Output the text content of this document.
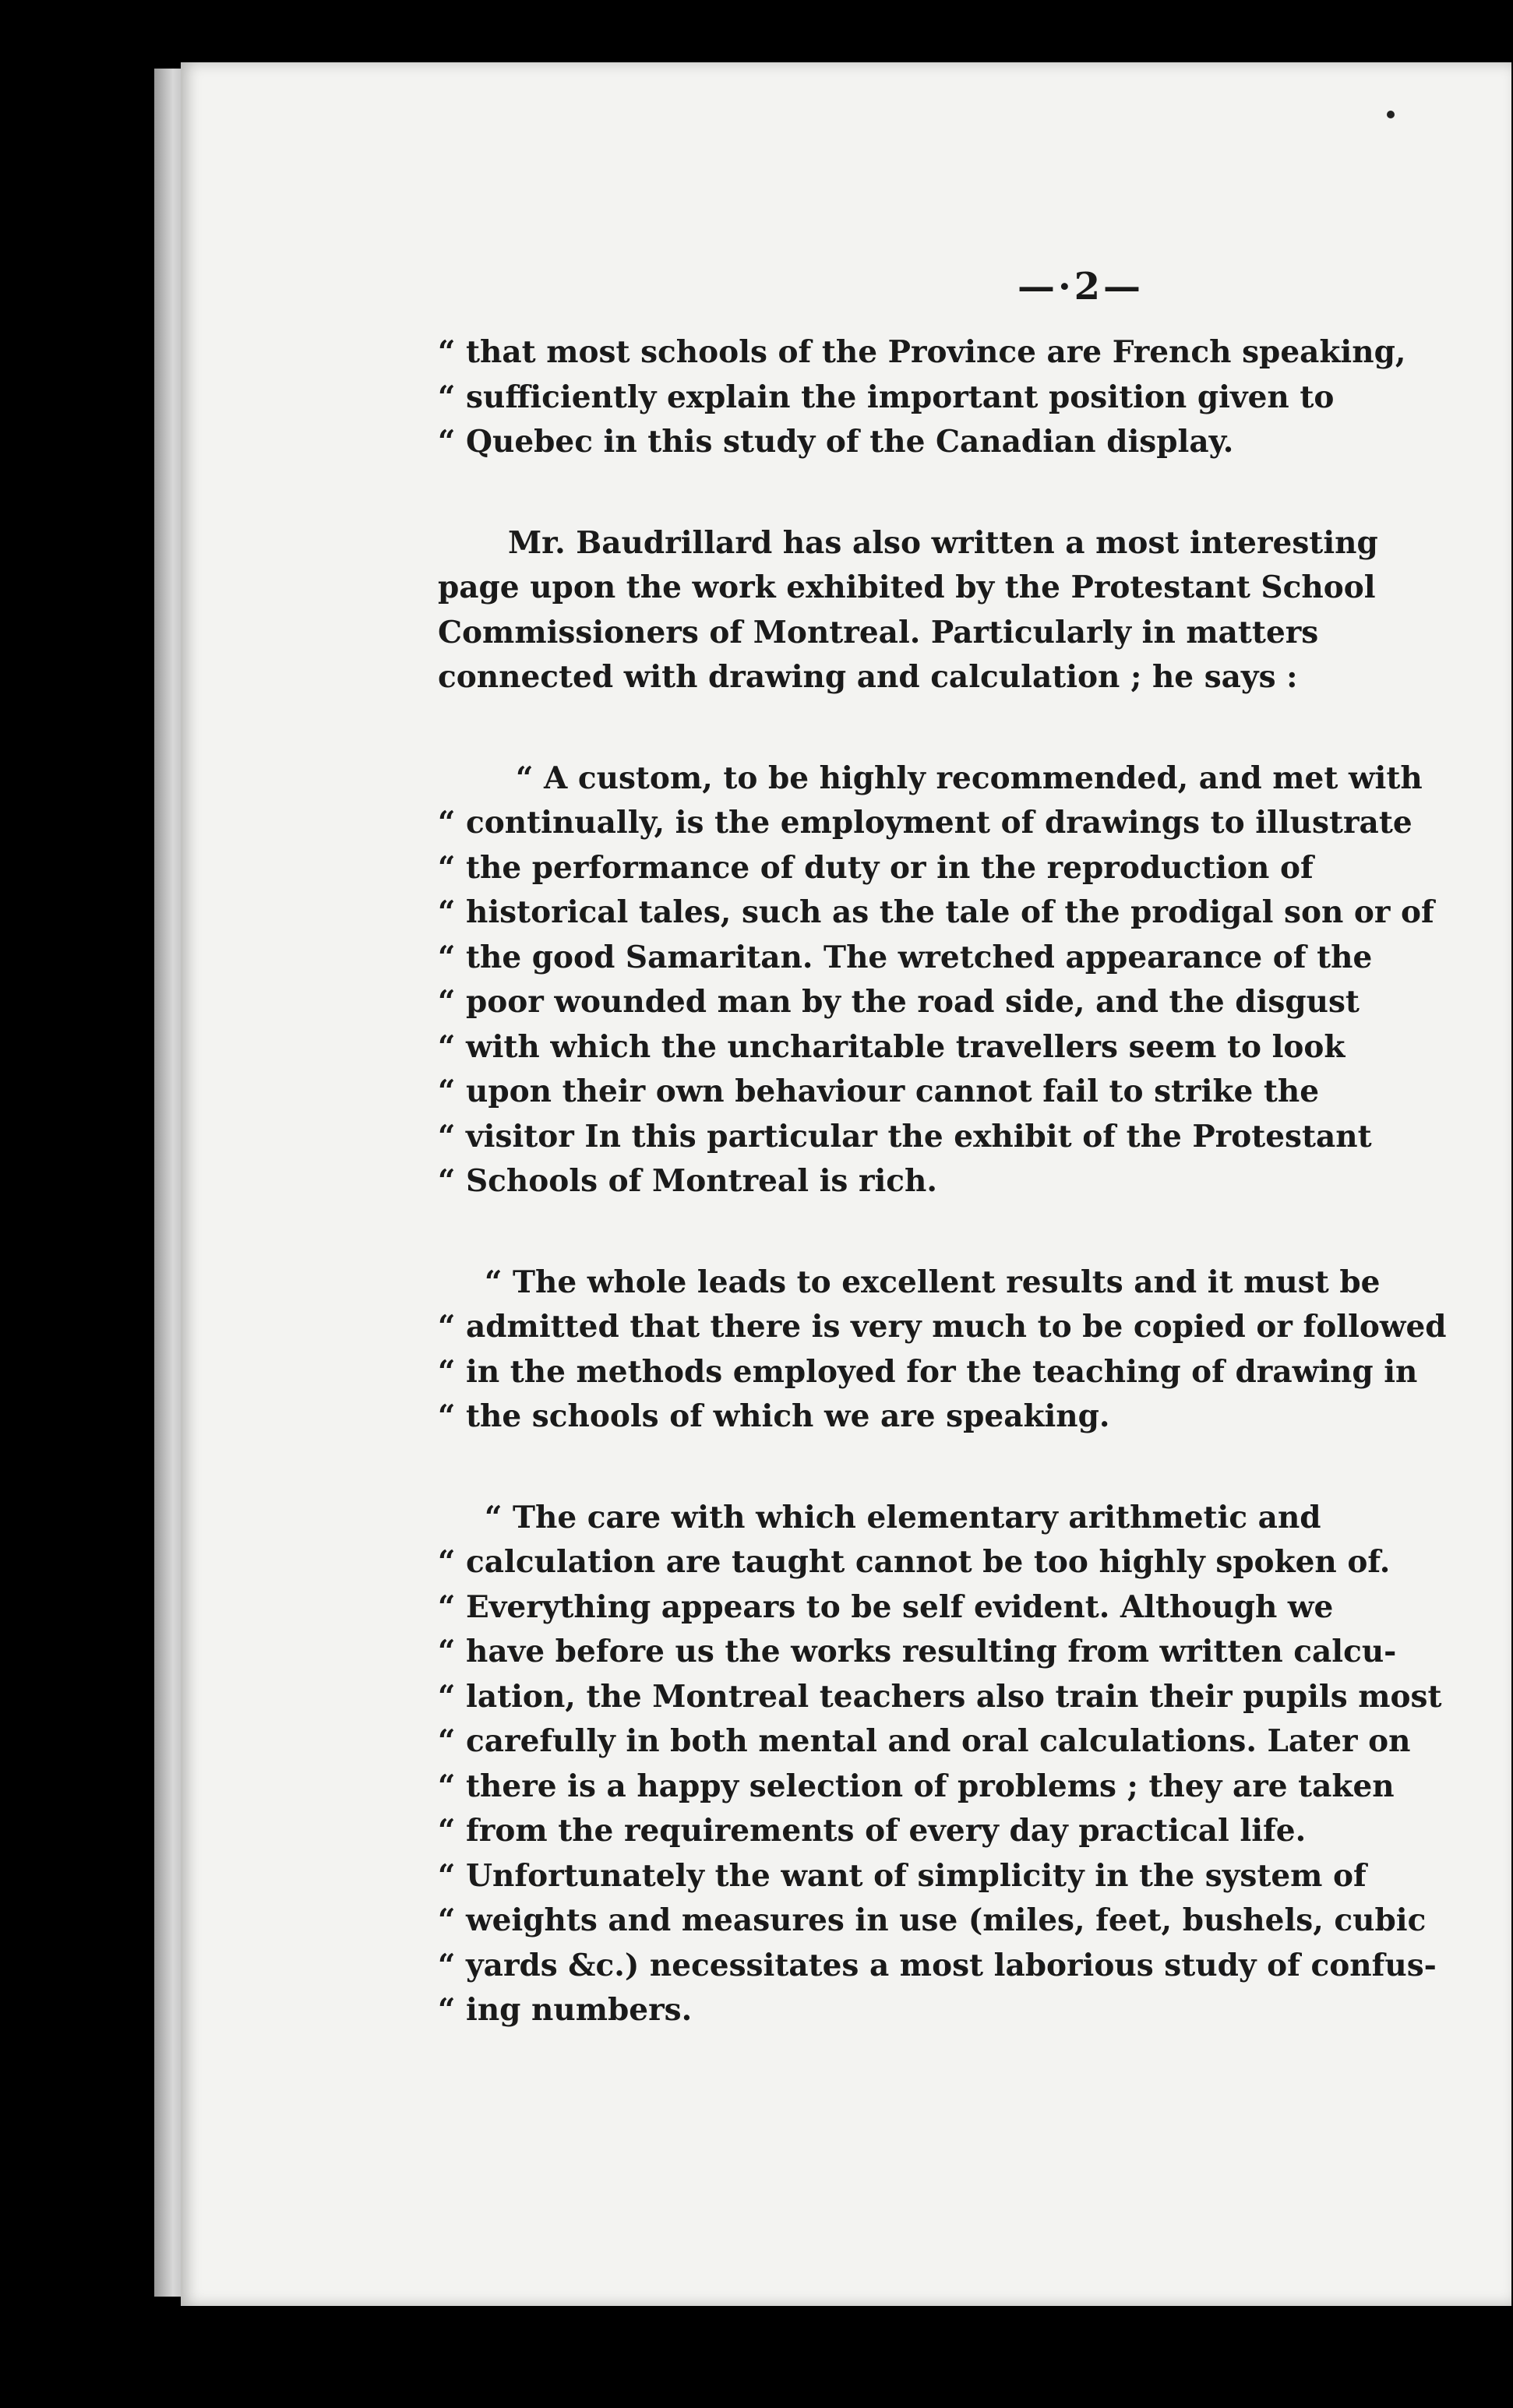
—·2—
“ that most schools of the Province are French speaking,
“ sufficiently explain the important position given to
“ Quebec in this study of the Canadian display.
Mr. Baudrillard has also written a most interesting
page upon the work exhibited by the Protestant School
Commissioners of Montreal. Particularly in matters
connected with drawing and calculation ; he says :
“ A custom, to be highly recommended, and met with
“ continually, is the employment of drawings to illustrate
“ the performance of duty or in the reproduction of
“ historical tales, such as the tale of the prodigal son or of
“ the good Samaritan. The wretched appearance of the
“ poor wounded man by the road side, and the disgust
“ with which the uncharitable travellers seem to look
“ upon their own behaviour cannot fail to strike the
“ visitor In this particular the exhibit of the Protestant
“ Schools of Montreal is rich.
“ The whole leads to excellent results and it must be
“ admitted that there is very much to be copied or followed
“ in the methods employed for the teaching of drawing in
“ the schools of which we are speaking.
“ The care with which elementary arithmetic and
“ calculation are taught cannot be too highly spoken of.
“ Everything appears to be self evident. Although we
“ have before us the works resulting from written calcu-
“ lation, the Montreal teachers also train their pupils most
“ carefully in both mental and oral calculations. Later on
“ there is a happy selection of problems ; they are taken
“ from the requirements of every day practical life.
“ Unfortunately the want of simplicity in the system of
“ weights and measures in use (miles, feet, bushels, cubic
“ yards &c.) necessitates a most laborious study of confus-
“ ing numbers.
